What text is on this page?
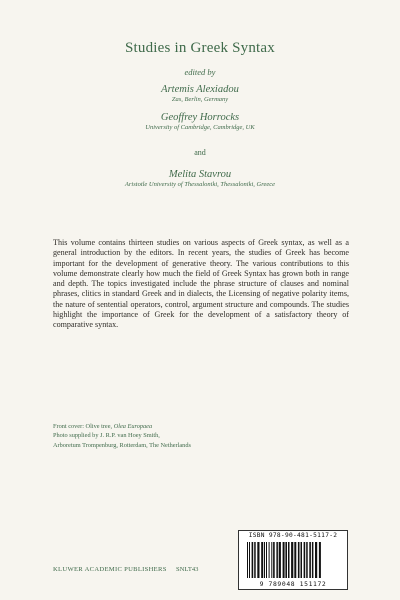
Studies in Greek Syntax
edited by
Artemis Alexiadou
Zas, Berlin, Germany
Geoffrey Horrocks
University of Cambridge, Cambridge, UK
and
Melita Stavrou
Aristotle University of Thessaloniki, Thessaloniki, Greece
This volume contains thirteen studies on various aspects of Greek syntax, as well as a general introduction by the editors. In recent years, the studies of Greek has become important for the development of generative theory. The various contributions to this volume demonstrate clearly how much the field of Greek Syntax has grown both in range and depth. The topics investigated include the phrase structure of clauses and nominal phrases, clitics in standard Greek and in dialects, the Licensing of negative polarity items, the nature of sentential operators, control, argument structure and compounds. The studies highlight the importance of Greek for the development of a satisfactory theory of comparative syntax.
Front cover: Olive tree, Olea Europaea
Photo supplied by J. R.P. van Hoey Smith,
Arboretum Trompenburg, Rotterdam, The Netherlands
ISBN 978-90-481-5117-2
9 789048 151172
KLUWER ACADEMIC PUBLISHERS SNLT43
